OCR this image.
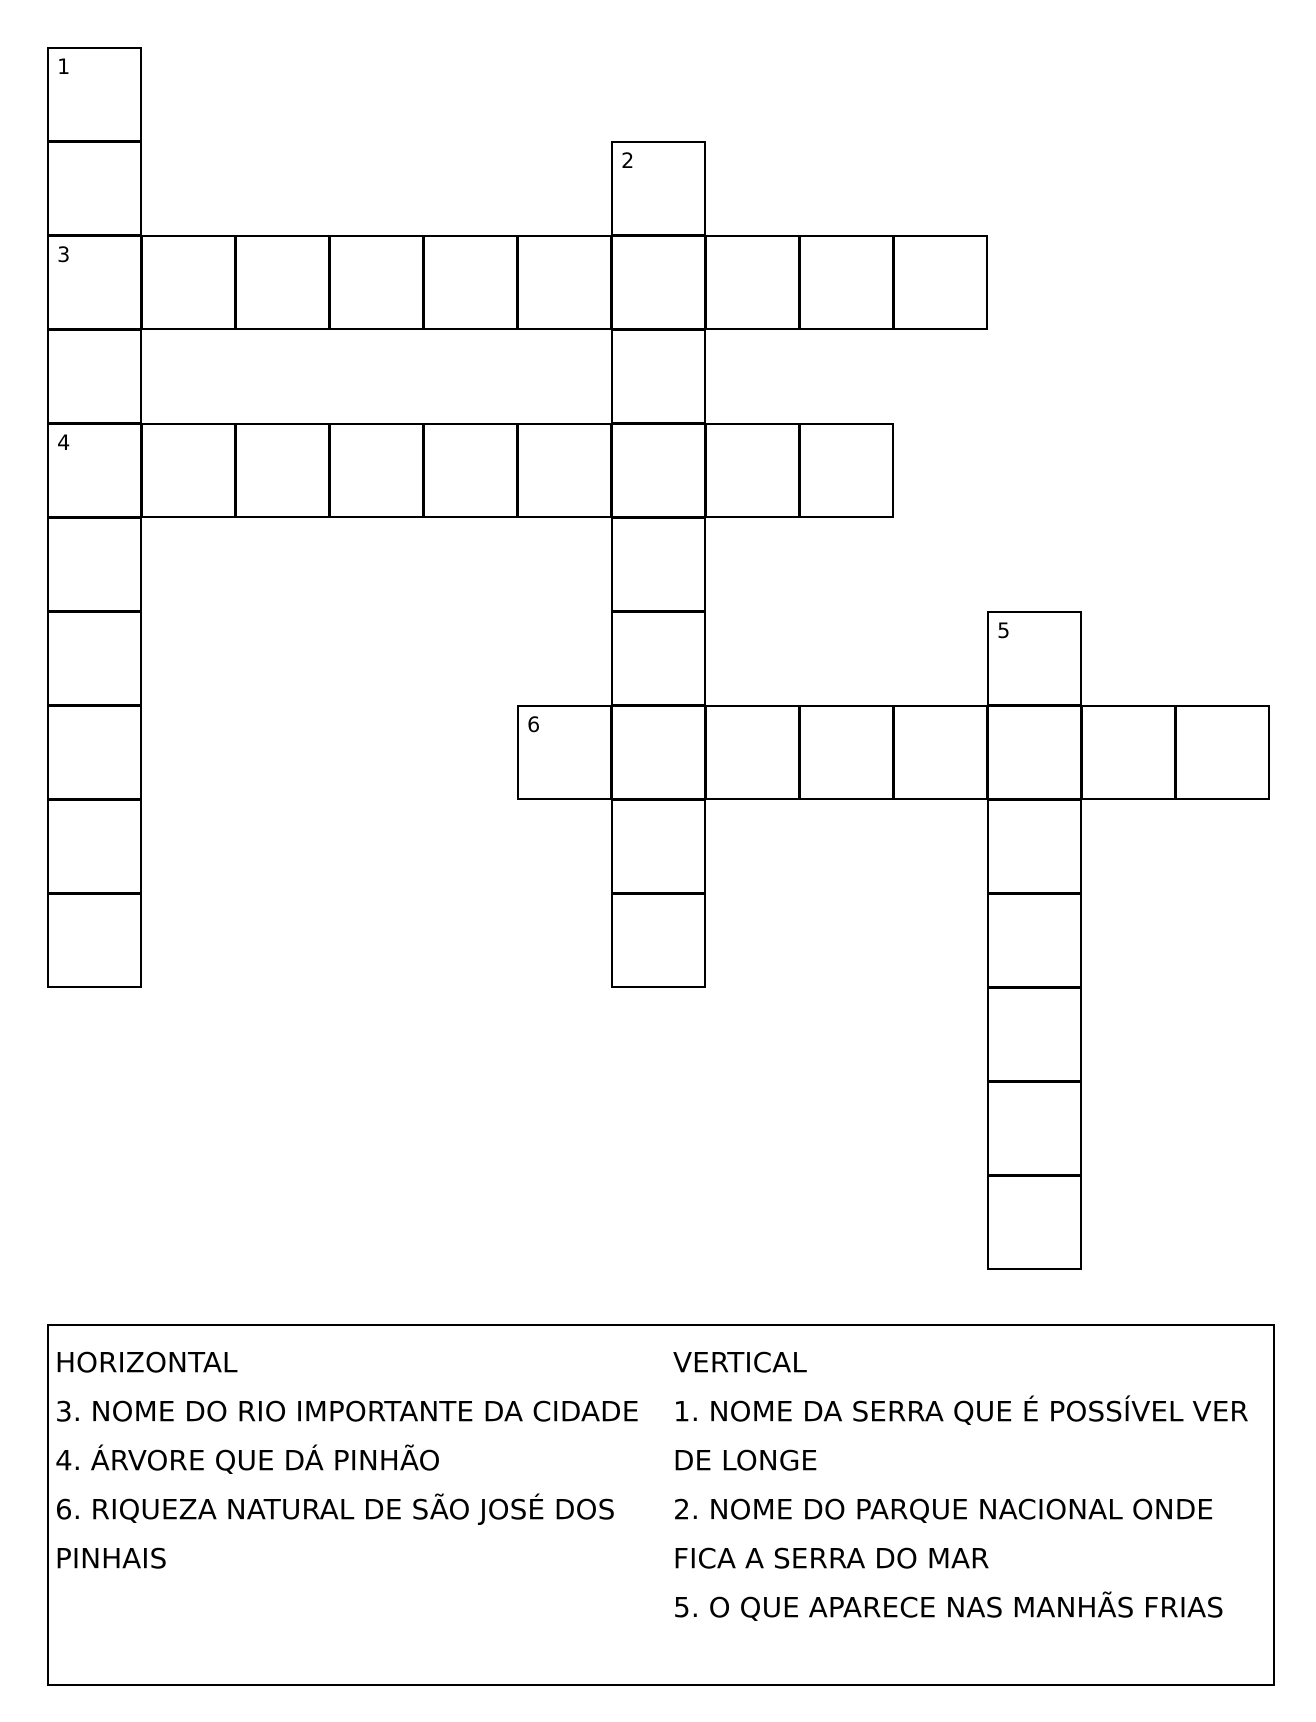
1
3
4
2
6
5
HORIZONTAL
3. NOME DO RIO IMPORTANTE DA CIDADE
4. ÁRVORE QUE DÁ PINHÃO
6. RIQUEZA NATURAL DE SÃO JOSÉ DOS
PINHAIS
VERTICAL
1. NOME DA SERRA QUE É POSSÍVEL VER
DE LONGE
2. NOME DO PARQUE NACIONAL ONDE
FICA A SERRA DO MAR
5. O QUE APARECE NAS MANHÃS FRIAS
